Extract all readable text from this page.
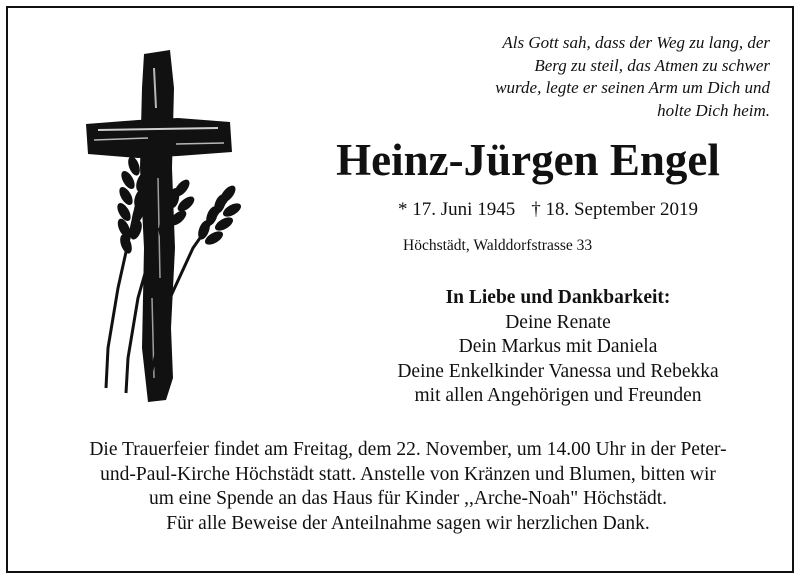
Als Gott sah, dass der Weg zu lang, der
Berg zu steil, das Atmen zu schwer
wurde, legte er seinen Arm um Dich und
holte Dich heim.
Heinz-Jürgen Engel
* 17. Juni 1945 † 18. September 2019
Höchstädt, Walddorfstrasse 33
In Liebe und Dankbarkeit:
Deine Renate
Dein Markus mit Daniela
Deine Enkelkinder Vanessa und Rebekka
mit allen Angehörigen und Freunden
Die Trauerfeier findet am Freitag, dem 22. November, um 14.00 Uhr in der Peter-
und-Paul-Kirche Höchstädt statt. Anstelle von Kränzen und Blumen, bitten wir
um eine Spende an das Haus für Kinder ,,Arche-Noah" Höchstädt.
Für alle Beweise der Anteilnahme sagen wir herzlichen Dank.
